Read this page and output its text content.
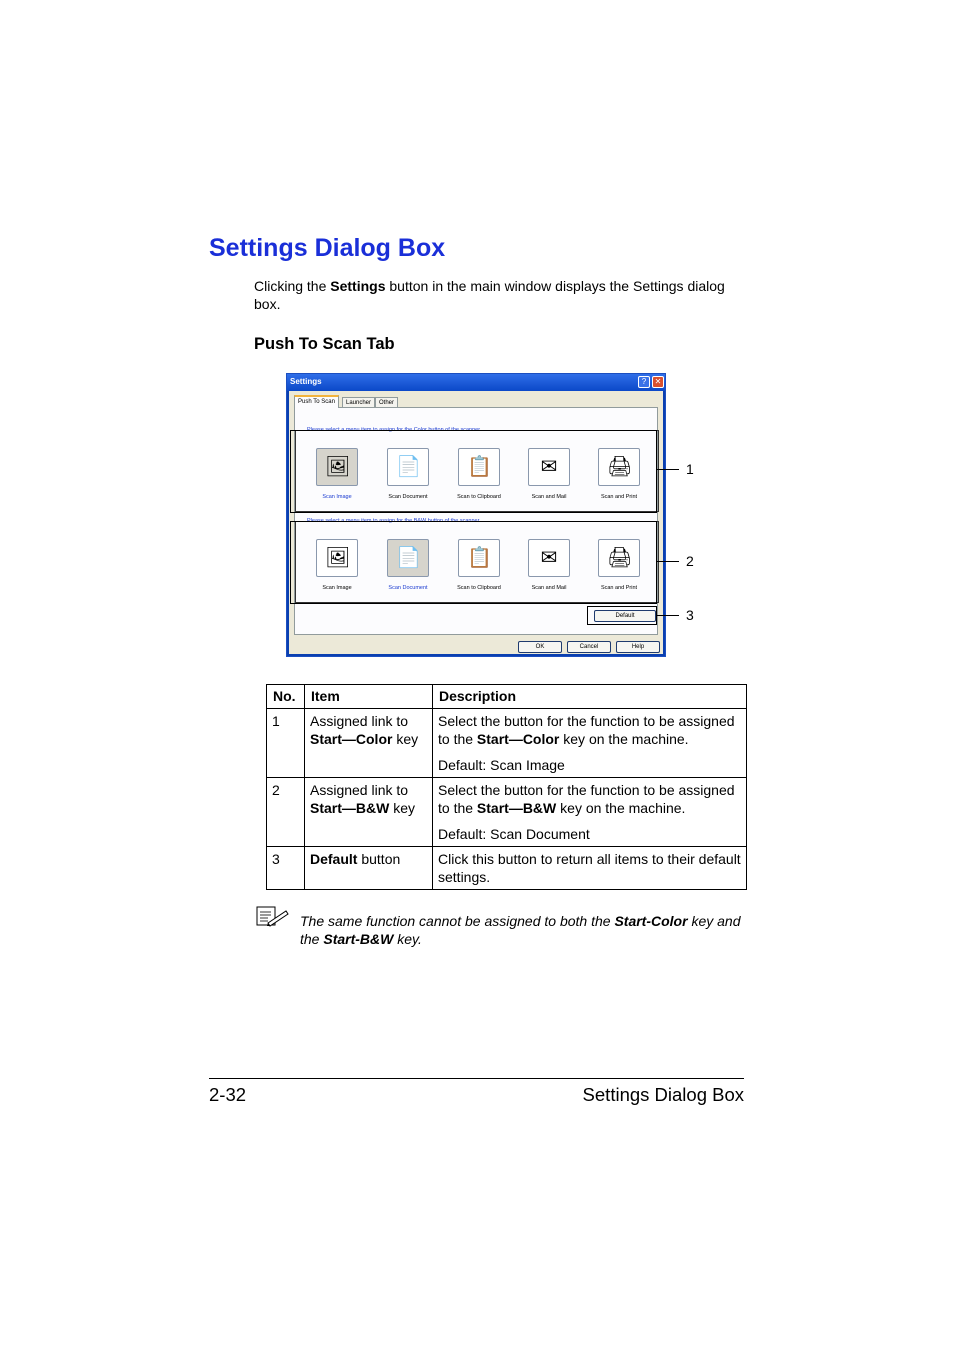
Settings Dialog Box
Clicking the Settings button in the main window displays the Settings dialog box.
Push To Scan Tab
Settings	?	✕
Push To Scan	Launcher	Other
Please select a menu item to assign for the Color button of the scanner.
🖼
Scan Image
📄
Scan Document
📋
Scan to Clipboard
✉
Scan and Mail
🖨
Scan and Print
Please select a menu item to assign for the B&W button of the scanner.
🖼
Scan Image
📄
Scan Document
📋
Scan to Clipboard
✉
Scan and Mail
🖨
Scan and Print
Default
OK	Cancel	Help
1
2
3
No.	Item	Description
1	Assigned link to Start—Color key	Select the button for the function to be assigned to the Start—Color key on the machine.
Default: Scan Image

2	Assigned link to Start—B&W key	Select the button for the function to be assigned to the Start—B&W key on the machine.
Default: Scan Document

3	Default button	Click this button to return all items to their default settings.
The same function cannot be assigned to both the Start-Color key and the Start-B&W key.
2-32	Settings Dialog Box
